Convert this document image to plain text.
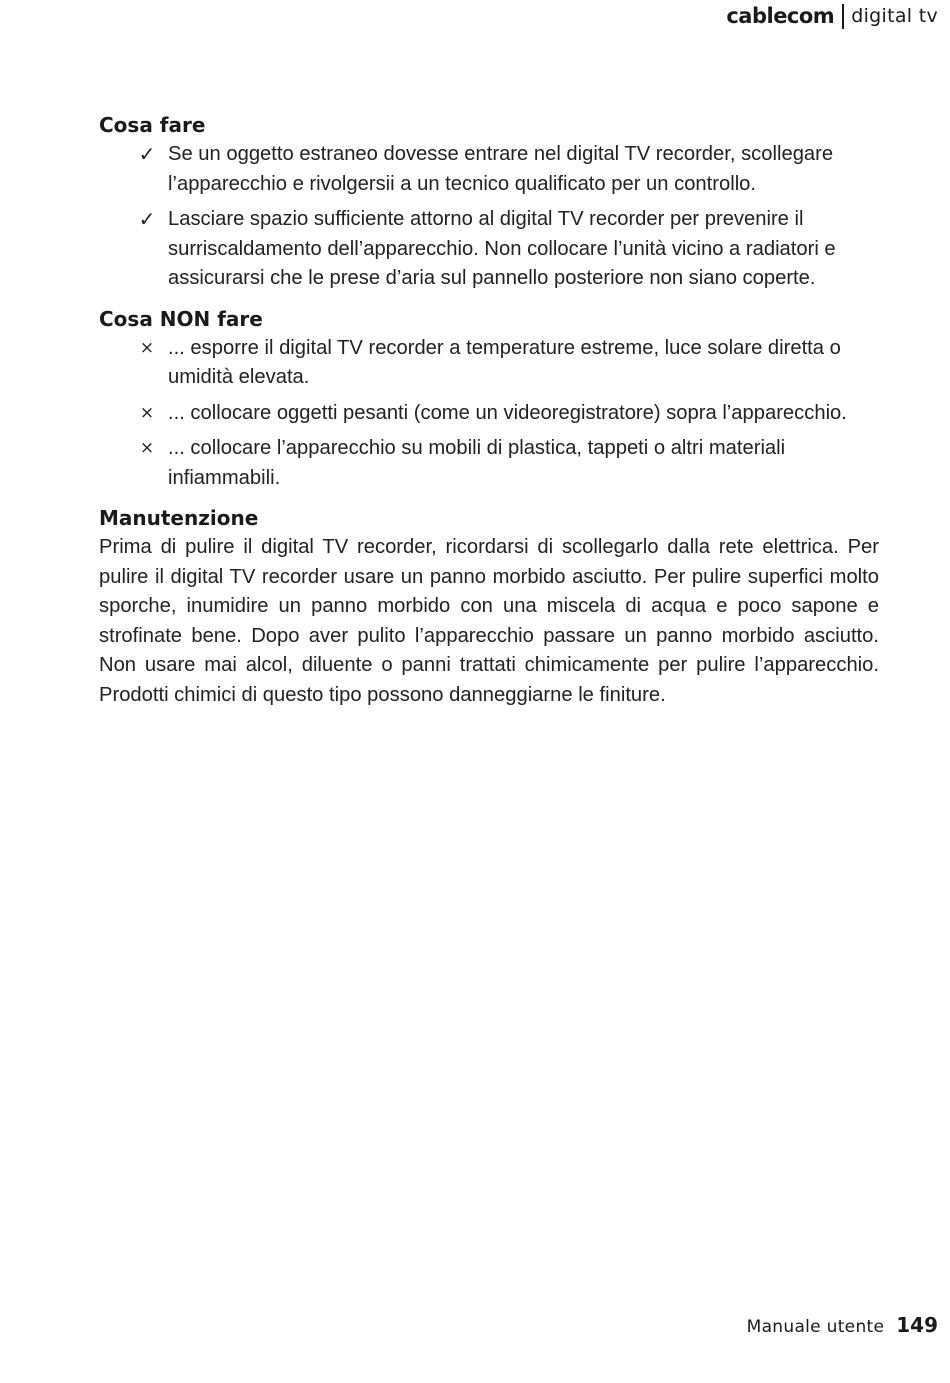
cablecom digital tv
Cosa fare
✓ Se un oggetto estraneo dovesse entrare nel digital TV recorder, scollegare l’apparecchio e rivolgersii a un tecnico qualificato per un controllo.
✓ Lasciare spazio sufficiente attorno al digital TV recorder per prevenire il surriscaldamento dell’apparecchio. Non collocare l’unità vicino a radiatori e assicurarsi che le prese d’aria sul pannello posteriore non siano coperte.
Cosa NON fare
× ... esporre il digital TV recorder a temperature estreme, luce solare diretta o umidità elevata.
× ... collocare oggetti pesanti (come un videoregistratore) sopra l’apparecchio.
× ... collocare l’apparecchio su mobili di plastica, tappeti o altri materiali infiammabili.
Manutenzione

Prima di pulire il digital TV recorder, ricordarsi di scollegarlo dalla rete elettrica. Per pulire il digital TV recorder usare un panno morbido asciutto. Per pulire superfici molto sporche, inumidire un panno morbido con una miscela di acqua e poco sapone e strofinate bene. Dopo aver pulito l’apparecchio passare un panno morbido asciutto. Non usare mai alcol, diluente o panni trattati chimicamente per pulire l’apparecchio. Prodotti chimici di questo tipo possono danneggiarne le finiture.

Manuale utente 149
